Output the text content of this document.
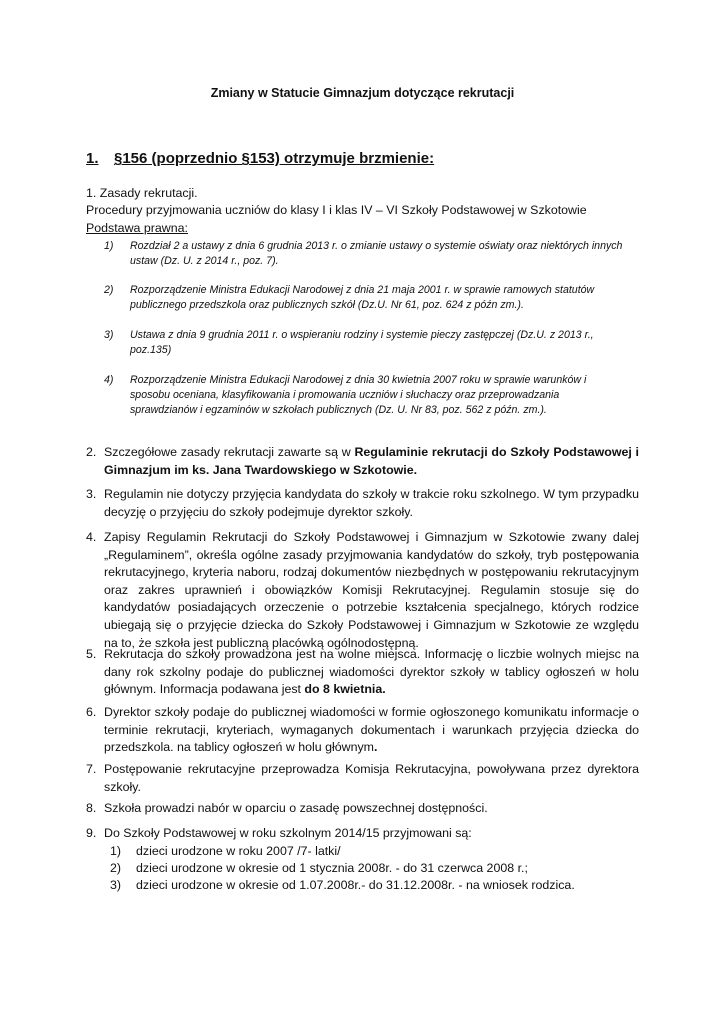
Zmiany w Statucie Gimnazjum dotyczące rekrutacji
1. §156 (poprzednio §153) otrzymuje brzmienie:
1. Zasady rekrutacji.
Procedury przyjmowania uczniów do klasy I i klas IV – VI Szkoły Podstawowej w Szkotowie
Podstawa prawna:
1) Rozdział 2 a ustawy z dnia 6 grudnia 2013 r. o zmianie ustawy o systemie oświaty oraz niektórych innych ustaw (Dz. U. z 2014 r., poz. 7).
2) Rozporządzenie Ministra Edukacji Narodowej z dnia 21 maja 2001 r. w sprawie ramowych statutów publicznego przedszkola oraz publicznych szkół (Dz.U. Nr 61, poz. 624 z późn zm.).
3) Ustawa z dnia 9 grudnia 2011 r. o wspieraniu rodziny i systemie pieczy zastępczej (Dz.U. z 2013 r., poz.135)
4) Rozporządzenie Ministra Edukacji Narodowej z dnia 30 kwietnia 2007 roku w sprawie warunków i sposobu oceniana, klasyfikowania i promowania uczniów i słuchaczy oraz przeprowadzania sprawdzianów i egzaminów w szkołach publicznych (Dz. U. Nr 83, poz. 562 z późn. zm.).
2. Szczegółowe zasady rekrutacji zawarte są w Regulaminie rekrutacji do Szkoły Podstawowej i Gimnazjum im ks. Jana Twardowskiego w Szkotowie.
3. Regulamin nie dotyczy przyjęcia kandydata do szkoły w trakcie roku szkolnego. W tym przypadku decyzję o przyjęciu do szkoły podejmuje dyrektor szkoły.
4. Zapisy Regulamin Rekrutacji do Szkoły Podstawowej i Gimnazjum w Szkotowie zwany dalej „Regulaminem”, określa ogólne zasady przyjmowania kandydatów do szkoły, tryb postępowania rekrutacyjnego, kryteria naboru, rodzaj dokumentów niezbędnych w postępowaniu rekrutacyjnym oraz zakres uprawnień i obowiązków Komisji Rekrutacyjnej. Regulamin stosuje się do kandydatów posiadających orzeczenie o potrzebie kształcenia specjalnego, których rodzice ubiegają się o przyjęcie dziecka do Szkoły Podstawowej i Gimnazjum w Szkotowie ze względu na to, że szkoła jest publiczną placówką ogólnodostępną.
5. Rekrutacja do szkoły prowadzona jest na wolne miejsca. Informację o liczbie wolnych miejsc na dany rok szkolny podaje do publicznej wiadomości dyrektor szkoły w tablicy ogłoszeń w holu głównym. Informacja podawana jest do 8 kwietnia.
6. Dyrektor szkoły podaje do publicznej wiadomości w formie ogłoszonego komunikatu informacje o terminie rekrutacji, kryteriach, wymaganych dokumentach i warunkach przyjęcia dziecka do przedszkola. na tablicy ogłoszeń w holu głównym.
7. Postępowanie rekrutacyjne przeprowadza Komisja Rekrutacyjna, powoływana przez dyrektora szkoły.
8. Szkoła prowadzi nabór w oparciu o zasadę powszechnej dostępności.
9. Do Szkoły Podstawowej w roku szkolnym 2014/15 przyjmowani są:
1) dzieci urodzone w roku 2007 /7- latki/
2) dzieci urodzone w okresie od 1 stycznia 2008r. - do 31 czerwca 2008 r.;
3) dzieci urodzone w okresie od 1.07.2008r.- do 31.12.2008r. - na wniosek rodzica.
